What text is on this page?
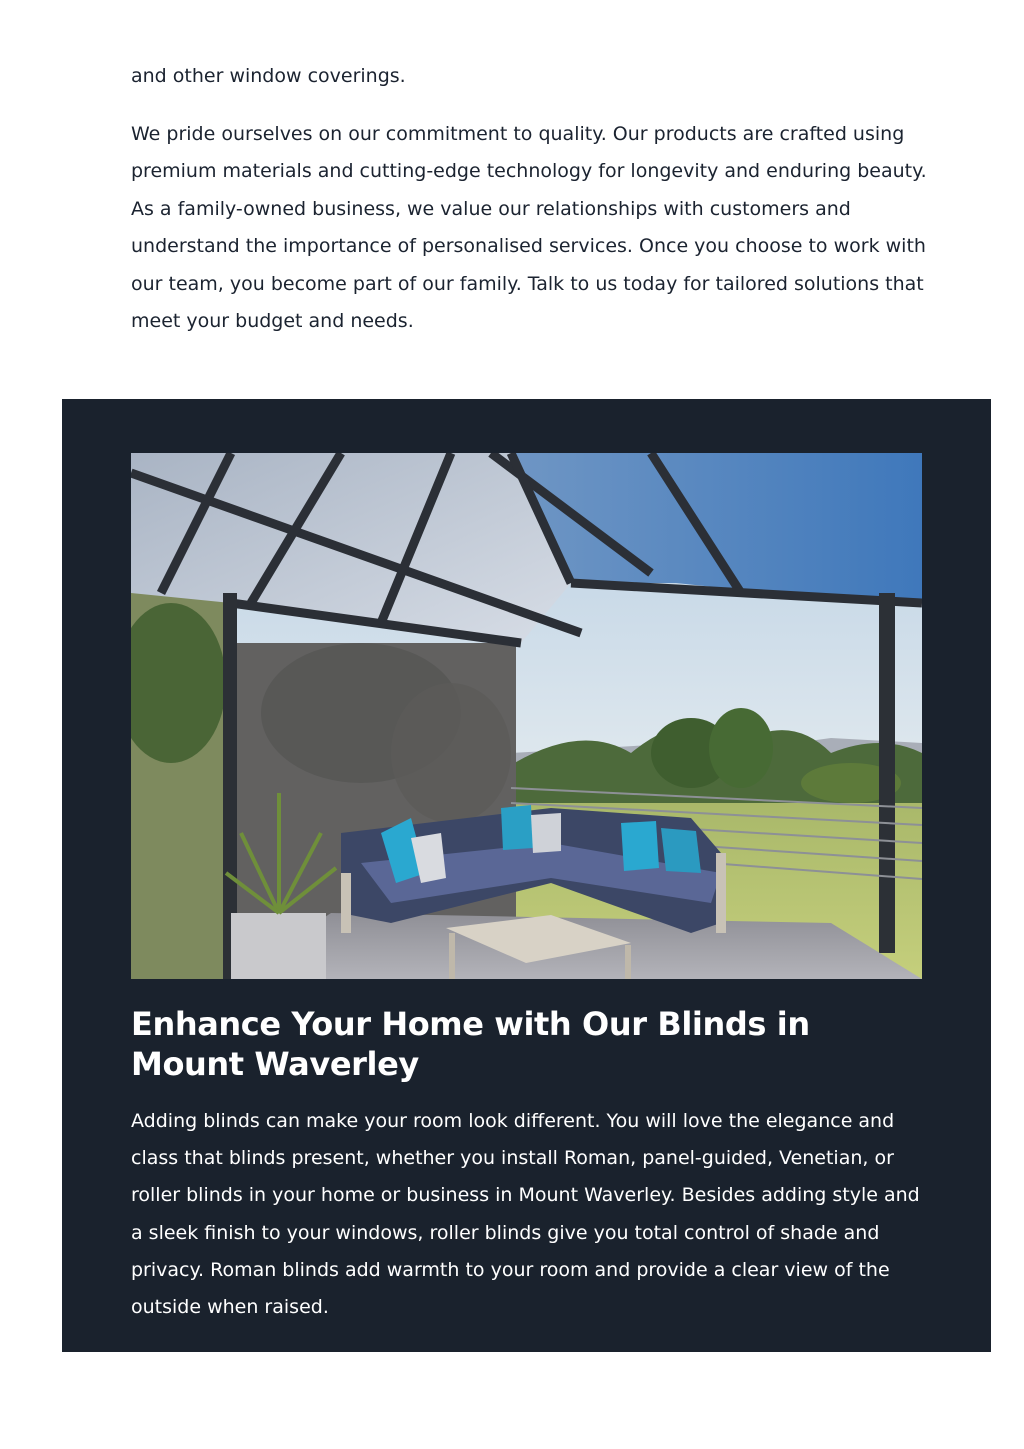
and other window coverings.

We pride ourselves on our commitment to quality. Our products are crafted using premium materials and cutting-edge technology for longevity and enduring beauty. As a family-owned business, we value our relationships with customers and understand the importance of personalised services. Once you choose to work with our team, you become part of our family. Talk to us today for tailored solutions that meet your budget and needs.

Enhance Your Home with Our Blinds in Mount Waverley

Adding blinds can make your room look different. You will love the elegance and class that blinds present, whether you install Roman, panel-guided, Venetian, or roller blinds in your home or business in Mount Waverley. Besides adding style and a sleek finish to your windows, roller blinds give you total control of shade and privacy. Roman blinds add warmth to your room and provide a clear view of the outside when raised.
